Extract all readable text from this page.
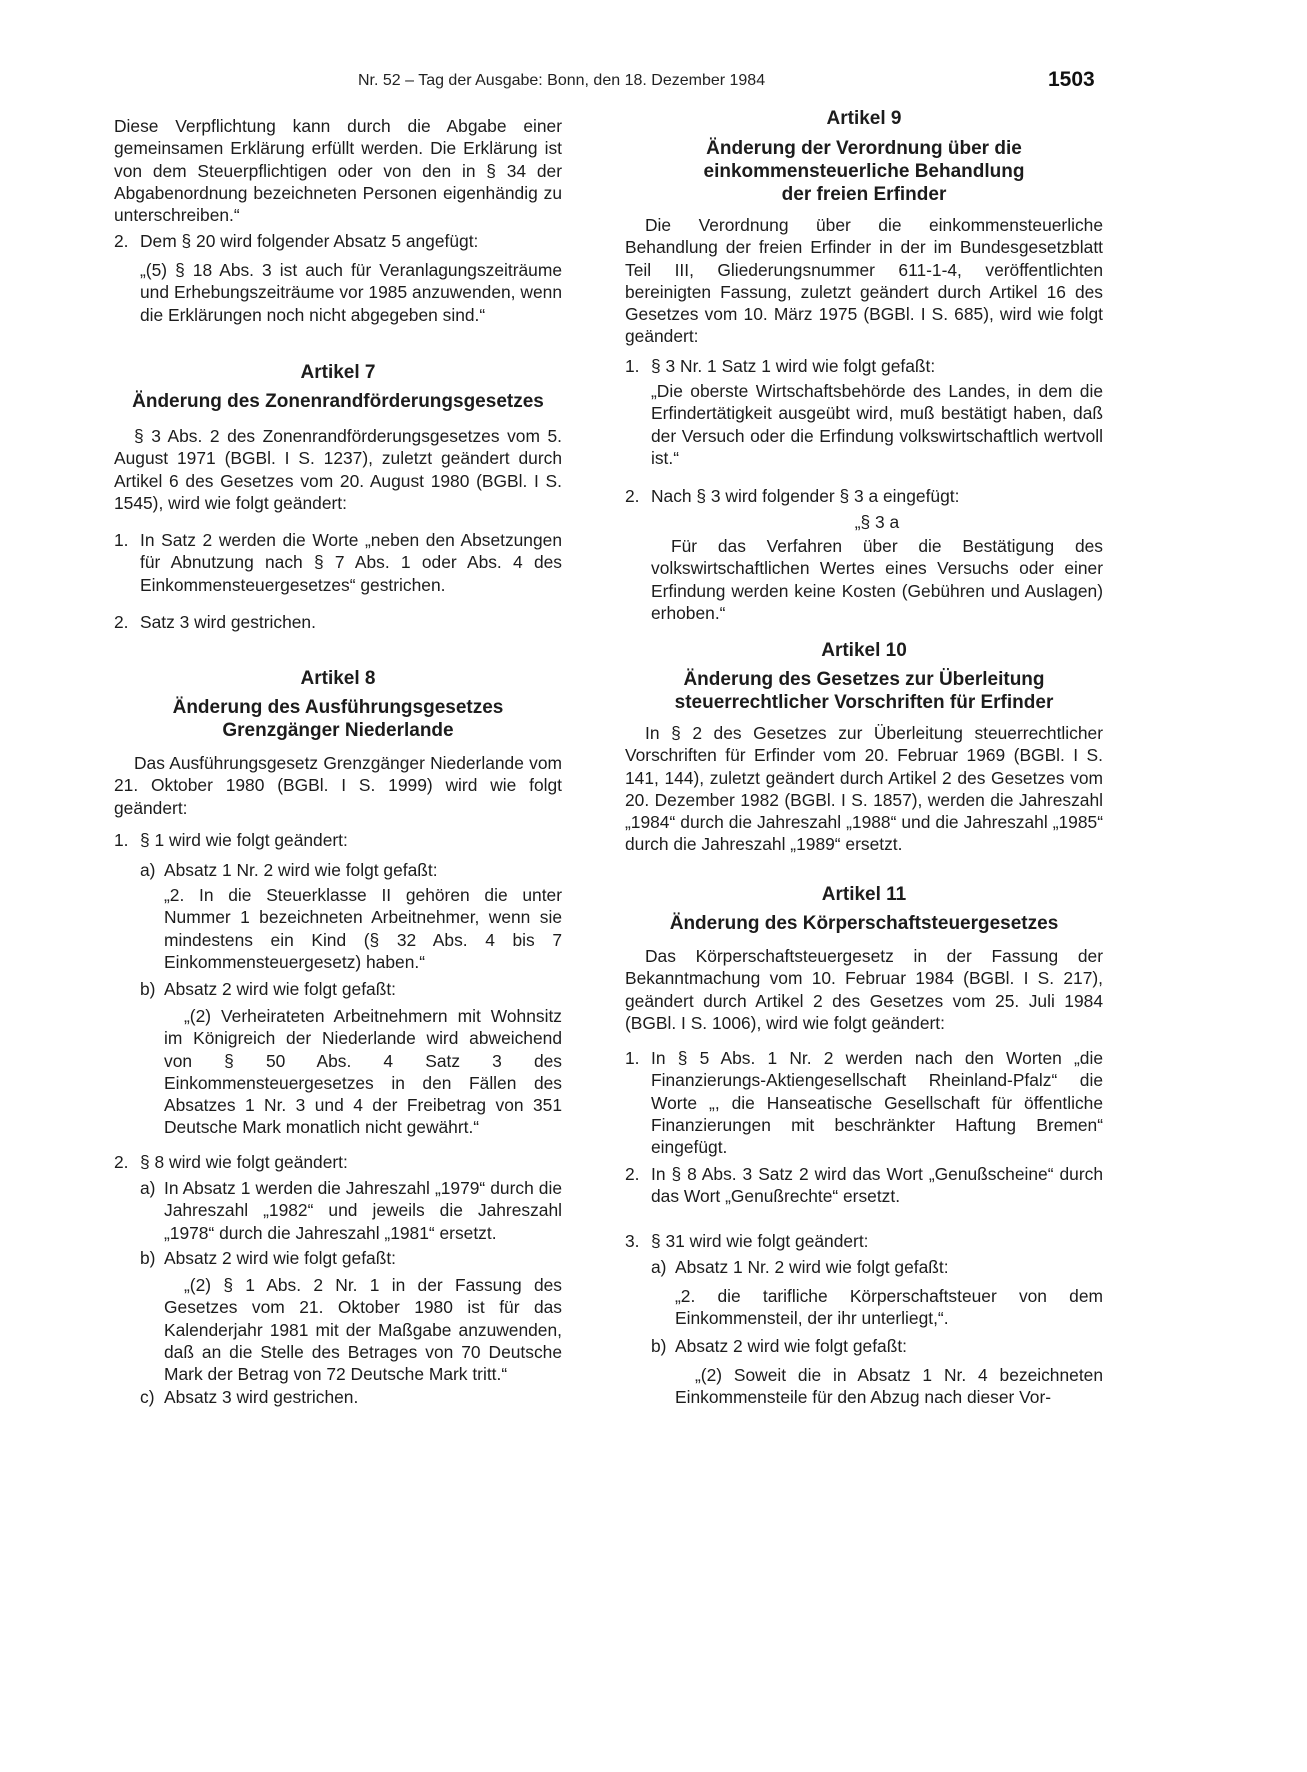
Nr. 52 – Tag der Ausgabe: Bonn, den 18. Dezember 1984	1503

Diese Verpflichtung kann durch die Abgabe einer gemeinsamen Erklärung erfüllt werden. Die Erklärung ist von dem Steuerpflichtigen oder von den in § 34 der Abgabenordnung bezeichneten Personen eigenhändig zu unterschreiben.“

2. Dem § 20 wird folgender Absatz 5 angefügt:

„(5) § 18 Abs. 3 ist auch für Veranlagungszeiträume und Erhebungszeiträume vor 1985 anzuwenden, wenn die Erklärungen noch nicht abgegeben sind.“

Artikel 7
Änderung des Zonenrandförderungsgesetzes

§ 3 Abs. 2 des Zonenrandförderungsgesetzes vom 5. August 1971 (BGBl. I S. 1237), zuletzt geändert durch Artikel 6 des Gesetzes vom 20. August 1980 (BGBl. I S. 1545), wird wie folgt geändert:

1. In Satz 2 werden die Worte „neben den Absetzungen für Abnutzung nach § 7 Abs. 1 oder Abs. 4 des Einkommensteuergesetzes“ gestrichen.
2. Satz 3 wird gestrichen.
Artikel 8
Änderung des Ausführungsgesetzes
Grenzgänger Niederlande

Das Ausführungsgesetz Grenzgänger Niederlande vom 21. Oktober 1980 (BGBl. I S. 1999) wird wie folgt geändert:

1. § 1 wird wie folgt geändert:
a) Absatz 1 Nr. 2 wird wie folgt gefaßt:

„2. In die Steuerklasse II gehören die unter Nummer 1 bezeichneten Arbeitnehmer, wenn sie mindestens ein Kind (§ 32 Abs. 4 bis 7 Einkommensteuergesetz) haben.“

b) Absatz 2 wird wie folgt gefaßt:

„(2) Verheirateten Arbeitnehmern mit Wohnsitz im Königreich der Niederlande wird abweichend von § 50 Abs. 4 Satz 3 des Einkommensteuergesetzes in den Fällen des Absatzes 1 Nr. 3 und 4 der Freibetrag von 351 Deutsche Mark monatlich nicht gewährt.“

2. § 8 wird wie folgt geändert:
a) In Absatz 1 werden die Jahreszahl „1979“ durch die Jahreszahl „1982“ und jeweils die Jahreszahl „1978“ durch die Jahreszahl „1981“ ersetzt.
b) Absatz 2 wird wie folgt gefaßt:

„(2) § 1 Abs. 2 Nr. 1 in der Fassung des Gesetzes vom 21. Oktober 1980 ist für das Kalenderjahr 1981 mit der Maßgabe anzuwenden, daß an die Stelle des Betrages von 70 Deutsche Mark der Betrag von 72 Deutsche Mark tritt.“

c) Absatz 3 wird gestrichen.
Artikel 9
Änderung der Verordnung über die
einkommensteuerliche Behandlung
der freien Erfinder

Die Verordnung über die einkommensteuerliche Behandlung der freien Erfinder in der im Bundesgesetzblatt Teil III, Gliederungsnummer 611-1-4, veröffentlichten bereinigten Fassung, zuletzt geändert durch Artikel 16 des Gesetzes vom 10. März 1975 (BGBl. I S. 685), wird wie folgt geändert:

1. § 3 Nr. 1 Satz 1 wird wie folgt gefaßt:

„Die oberste Wirtschaftsbehörde des Landes, in dem die Erfindertätigkeit ausgeübt wird, muß bestätigt haben, daß der Versuch oder die Erfindung volkswirtschaftlich wertvoll ist.“

2. Nach § 3 wird folgender § 3 a eingefügt:
„§ 3 a

Für das Verfahren über die Bestätigung des volkswirtschaftlichen Wertes eines Versuchs oder einer Erfindung werden keine Kosten (Gebühren und Auslagen) erhoben.“

Artikel 10
Änderung des Gesetzes zur Überleitung
steuerrechtlicher Vorschriften für Erfinder

In § 2 des Gesetzes zur Überleitung steuerrechtlicher Vorschriften für Erfinder vom 20. Februar 1969 (BGBl. I S. 141, 144), zuletzt geändert durch Artikel 2 des Gesetzes vom 20. Dezember 1982 (BGBl. I S. 1857), werden die Jahreszahl „1984“ durch die Jahreszahl „1988“ und die Jahreszahl „1985“ durch die Jahreszahl „1989“ ersetzt.

Artikel 11
Änderung des Körperschaftsteuergesetzes

Das Körperschaftsteuergesetz in der Fassung der Bekanntmachung vom 10. Februar 1984 (BGBl. I S. 217), geändert durch Artikel 2 des Gesetzes vom 25. Juli 1984 (BGBl. I S. 1006), wird wie folgt geändert:

1. In § 5 Abs. 1 Nr. 2 werden nach den Worten „die Finanzierungs-Aktiengesellschaft Rheinland-Pfalz“ die Worte „, die Hanseatische Gesellschaft für öffentliche Finanzierungen mit beschränkter Haftung Bremen“ eingefügt.
2. In § 8 Abs. 3 Satz 2 wird das Wort „Genußscheine“ durch das Wort „Genußrechte“ ersetzt.
3. § 31 wird wie folgt geändert:
a) Absatz 1 Nr. 2 wird wie folgt gefaßt:

„2. die tarifliche Körperschaftsteuer von dem Einkommensteil, der ihr unterliegt,“.

b) Absatz 2 wird wie folgt gefaßt:

„(2) Soweit die in Absatz 1 Nr. 4 bezeichneten Einkommensteile für den Abzug nach dieser Vor-
